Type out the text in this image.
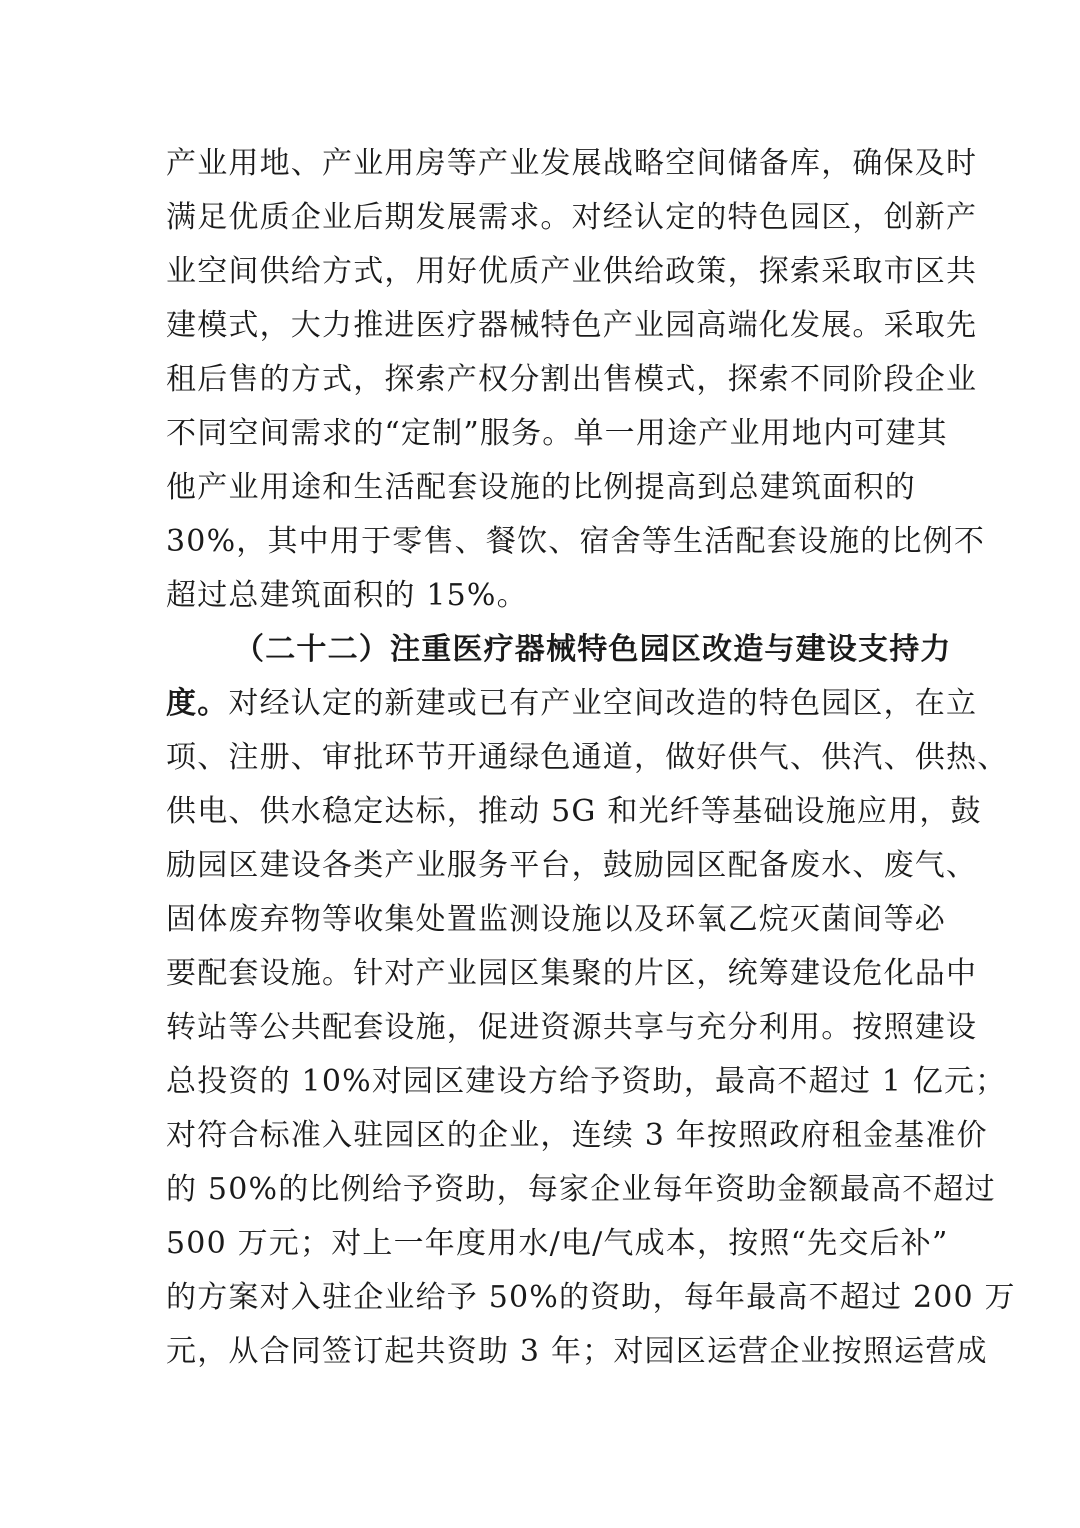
产业用地、产业用房等产业发展战略空间储备库，确保及时
满足优质企业后期发展需求。对经认定的特色园区，创新产
业空间供给方式，用好优质产业供给政策，探索采取市区共
建模式，大力推进医疗器械特色产业园高端化发展。采取先
租后售的方式，探索产权分割出售模式，探索不同阶段企业
不同空间需求的“定制”服务。单一用途产业用地内可建其
他产业用途和生活配套设施的比例提高到总建筑面积的
30%，其中用于零售、餐饮、宿舍等生活配套设施的比例不
超过总建筑面积的 15%。
（二十二）注重医疗器械特色园区改造与建设支持力
度。对经认定的新建或已有产业空间改造的特色园区，在立
项、注册、审批环节开通绿色通道，做好供气、供汽、供热、
供电、供水稳定达标，推动 5G 和光纤等基础设施应用，鼓
励园区建设各类产业服务平台，鼓励园区配备废水、废气、
固体废弃物等收集处置监测设施以及环氧乙烷灭菌间等必
要配套设施。针对产业园区集聚的片区，统筹建设危化品中
转站等公共配套设施，促进资源共享与充分利用。按照建设
总投资的 10%对园区建设方给予资助，最高不超过 1 亿元；
对符合标准入驻园区的企业，连续 3 年按照政府租金基准价
的 50%的比例给予资助，每家企业每年资助金额最高不超过
500 万元；对上一年度用水/电/气成本，按照“先交后补”
的方案对入驻企业给予 50%的资助，每年最高不超过 200 万
元，从合同签订起共资助 3 年；对园区运营企业按照运营成
